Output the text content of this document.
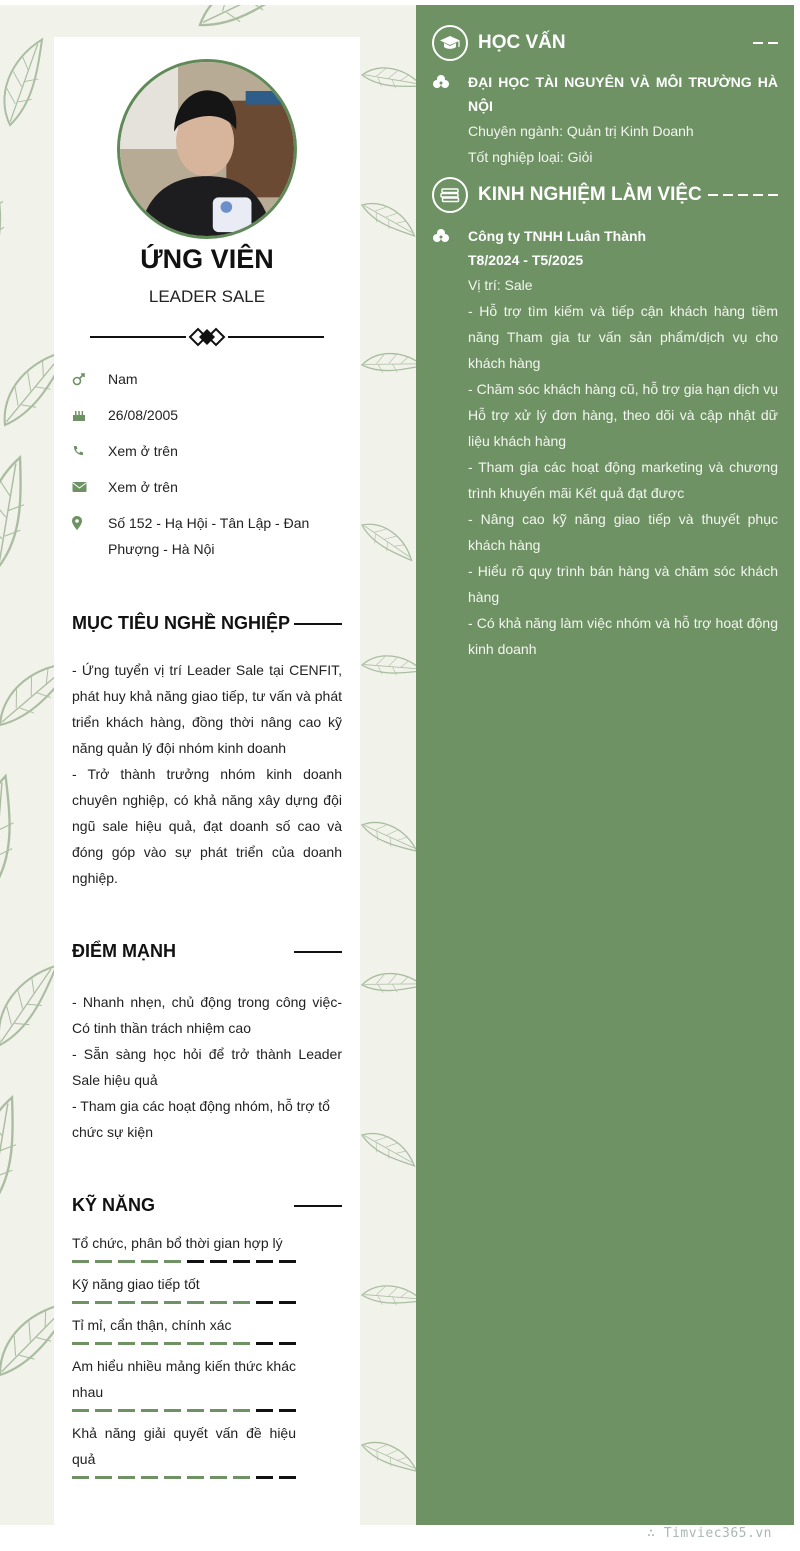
ỨNG VIÊN
LEADER SALE
Nam
26/08/2005
Xem ở trên
Xem ở trên
Số 152 - Hạ Hội - Tân Lập - Đan Phượng - Hà Nội
MỤC TIÊU NGHỀ NGHIỆP
- Ứng tuyển vị trí Leader Sale tại CENFIT, phát huy khả năng giao tiếp, tư vấn và phát triển khách hàng, đồng thời nâng cao kỹ năng quản lý đội nhóm kinh doanh
- Trở thành trưởng nhóm kinh doanh chuyên nghiệp, có khả năng xây dựng đội ngũ sale hiệu quả, đạt doanh số cao và đóng góp vào sự phát triển của doanh nghiệp.
ĐIỂM MẠNH
- Nhanh nhẹn, chủ động trong công việc- Có tinh thần trách nhiệm cao
- Sẵn sàng học hỏi để trở thành Leader Sale hiệu quả
- Tham gia các hoạt động nhóm, hỗ trợ tổ chức sự kiện
KỸ NĂNG
Tổ chức, phân bổ thời gian hợp lý
Kỹ năng giao tiếp tốt
Tỉ mỉ, cẩn thận, chính xác
Am hiểu nhiều mảng kiến thức khác nhau
Khả năng giải quyết vấn đề hiệu quả
HỌC VẤN
ĐẠI HỌC TÀI NGUYÊN VÀ MÔI TRƯỜNG HÀ NỘI
Chuyên ngành: Quản trị Kinh Doanh
Tốt nghiệp loại: Giỏi
KINH NGHIỆM LÀM VIỆC
Công ty TNHH Luân Thành
T8/2024 - T5/2025
Vị trí: Sale
- Hỗ trợ tìm kiếm và tiếp cận khách hàng tiềm năng Tham gia tư vấn sản phẩm/dịch vụ cho khách hàng
- Chăm sóc khách hàng cũ, hỗ trợ gia hạn dịch vụ Hỗ trợ xử lý đơn hàng, theo dõi và cập nhật dữ liệu khách hàng
- Tham gia các hoạt động marketing và chương trình khuyến mãi Kết quả đạt được
- Nâng cao kỹ năng giao tiếp và thuyết phục khách hàng
- Hiểu rõ quy trình bán hàng và chăm sóc khách hàng
- Có khả năng làm việc nhóm và hỗ trợ hoạt động kinh doanh
∴ Timviec365.vn
